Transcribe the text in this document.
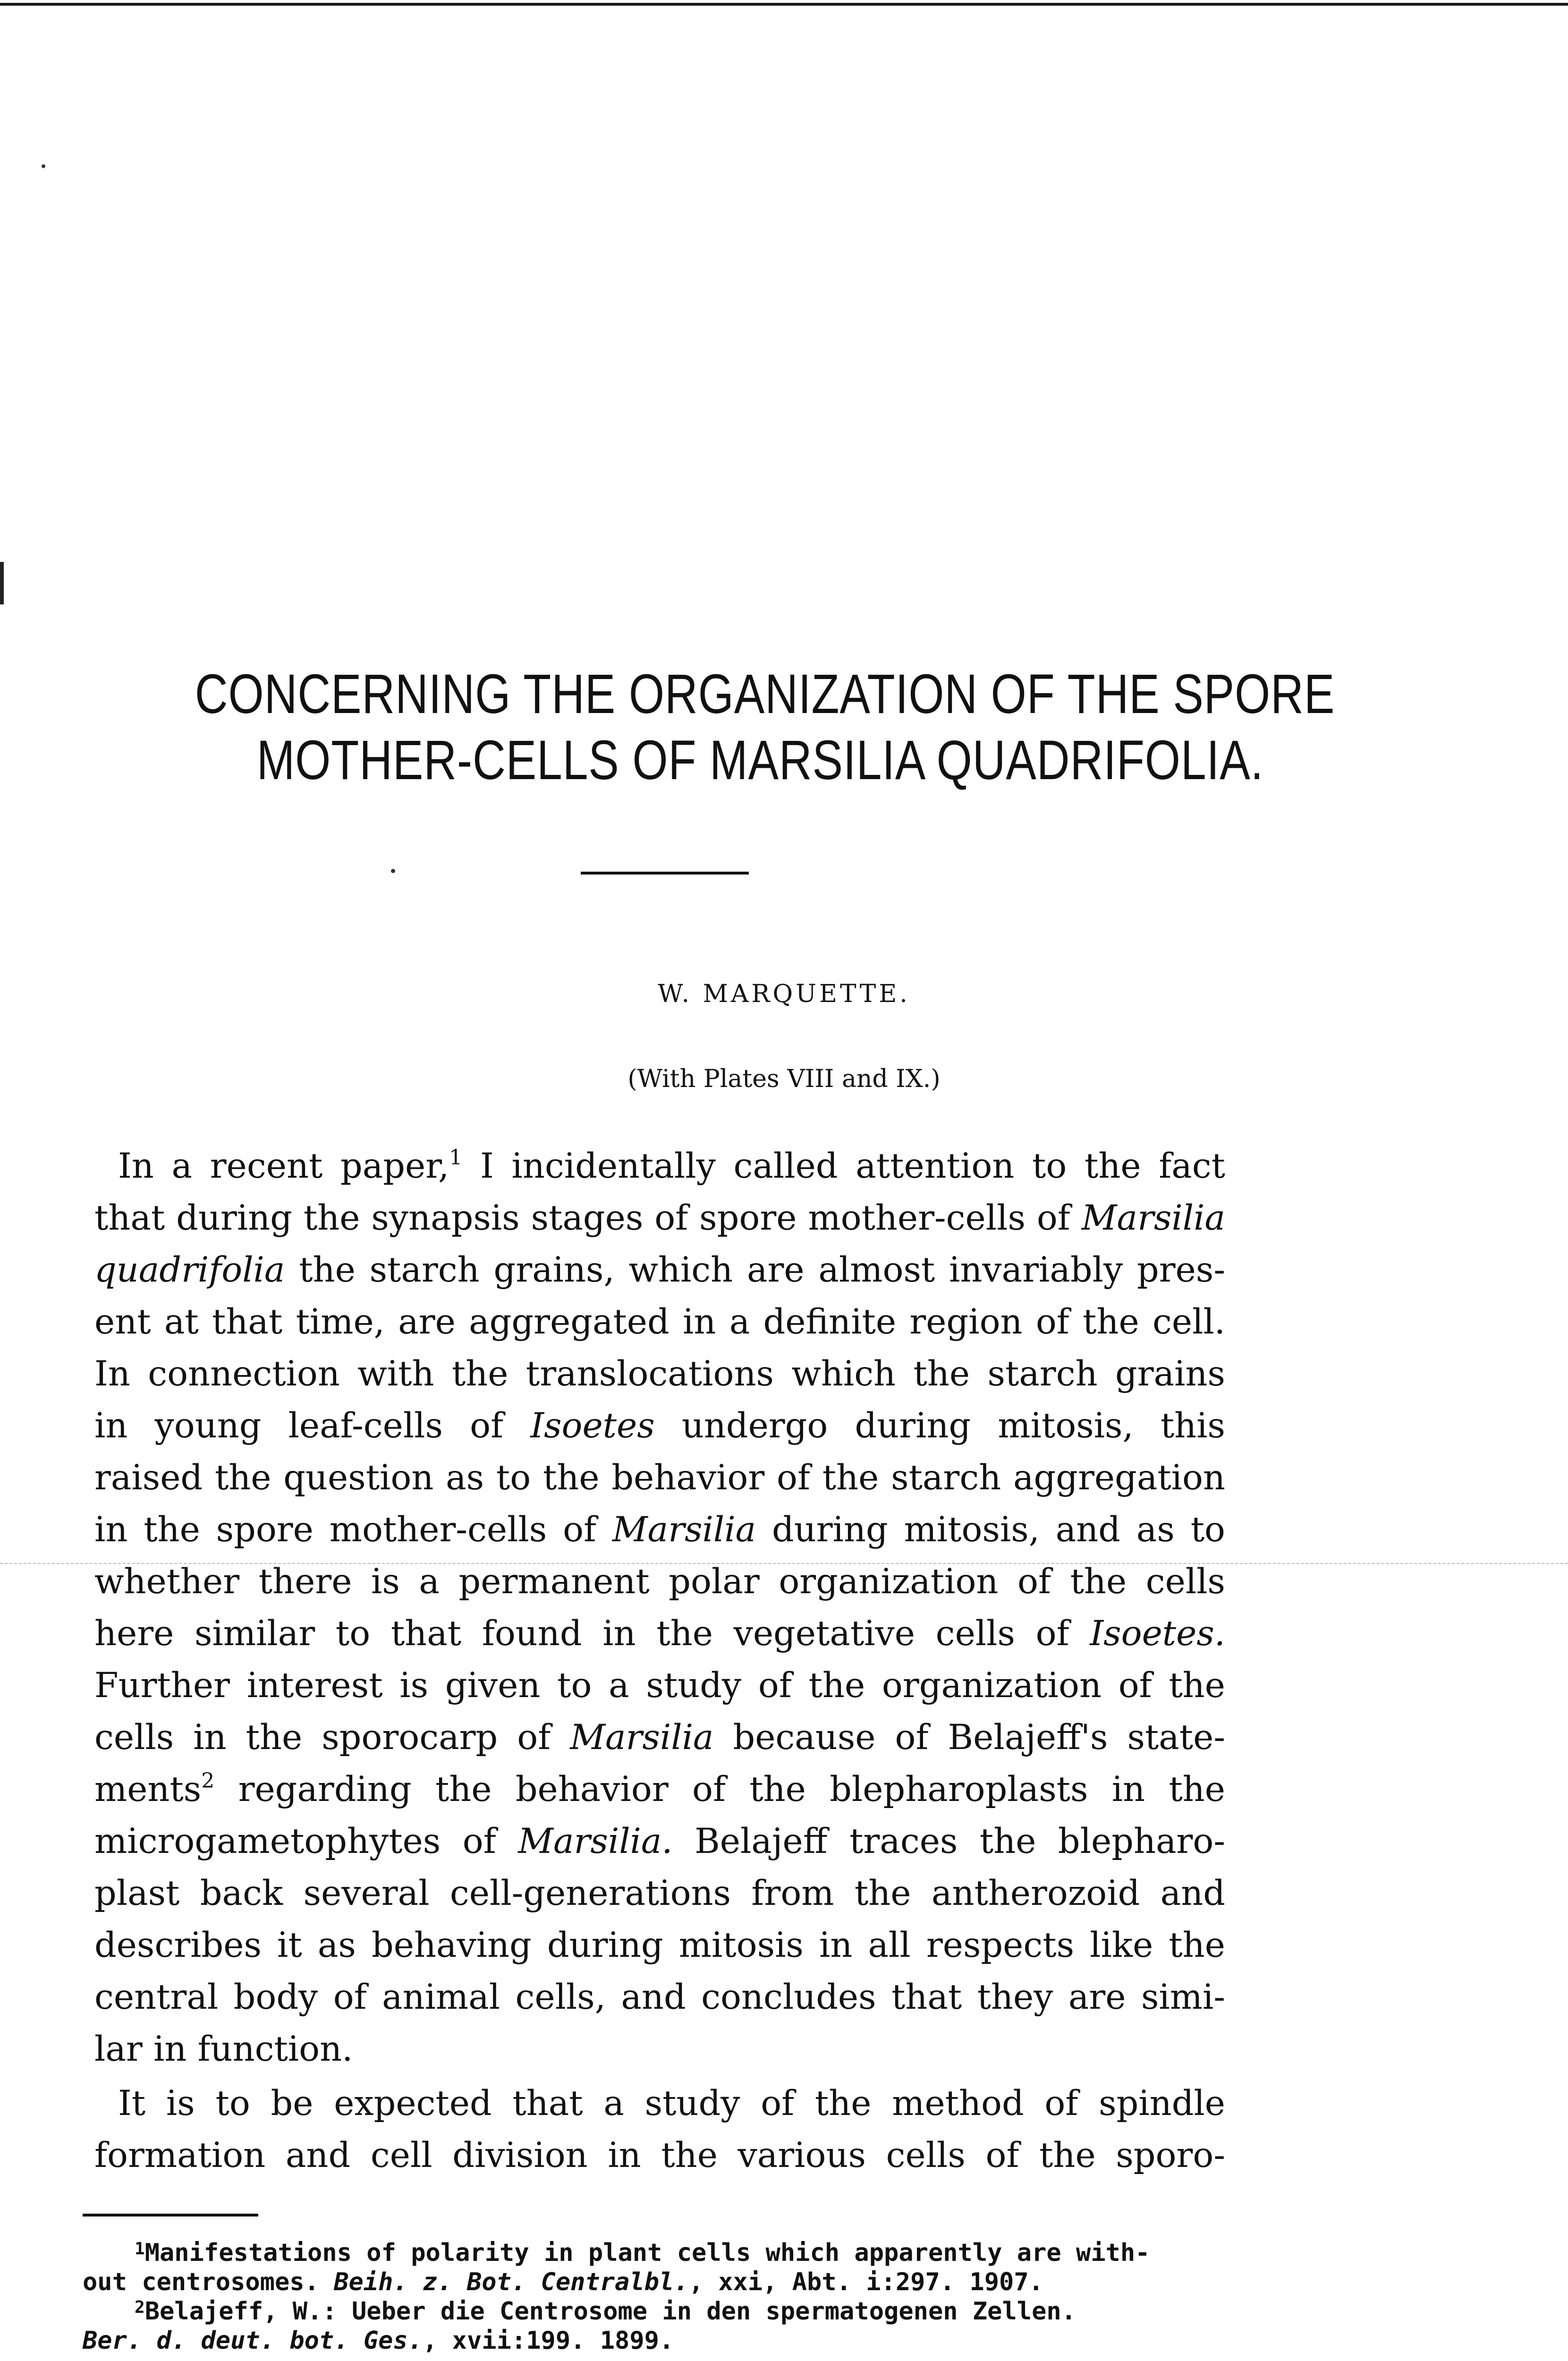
CONCERNING THE ORGANIZATION OF THE SPORE
MOTHER-CELLS OF MARSILIA QUADRIFOLIA.
W. MARQUETTE.
(With Plates VIII and IX.)
In a recent paper,$^1$ I incidentally called attention to the fact
that during the synapsis stages of spore mother-cells of Marsilia
quadrifolia the starch grains, which are almost invariably pres-
ent at that time, are aggregated in a definite region of the cell.
In connection with the translocations which the starch grains
in young leaf-cells of Isoetes undergo during mitosis, this
raised the question as to the behavior of the starch aggregation
in the spore mother-cells of Marsilia during mitosis, and as to
whether there is a permanent polar organization of the cells
here similar to that found in the vegetative cells of Isoetes.
Further interest is given to a study of the organization of the
cells in the sporocarp of Marsilia because of Belajeff's state-
ments$^2$ regarding the behavior of the blepharoplasts in the
microgametophytes of Marsilia. Belajeff traces the blepharo-
plast back several cell-generations from the antherozoid and
describes it as behaving during mitosis in all respects like the
central body of animal cells, and concludes that they are simi-
lar in function.
It is to be expected that a study of the method of spindle
formation and cell division in the various cells of the sporo-
$^1$Manifestations of polarity in plant cells which apparently are with-
out centrosomes. Beih. z. Bot. Centralbl., xxi, Abt. i:297. 1907.
$^2$Belajeff, W.: Ueber die Centrosome in den spermatogenen Zellen.
Ber. d. deut. bot. Ges., xvii:199. 1899.
